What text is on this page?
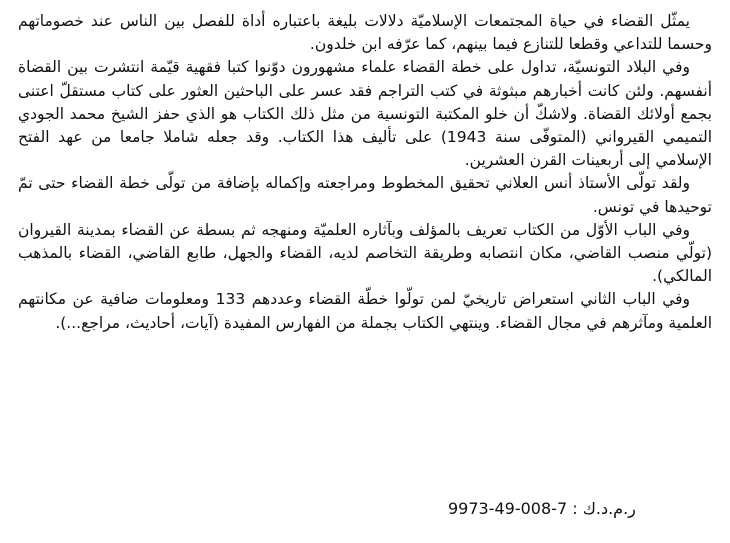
يمثّل القضاء في حياة المجتمعات الإسلاميّة دلالات بليغة باعتباره أداة للفصل بين الناس عند خصوماتهم وحسما للتداعي وقطعا للتنازع فيما بينهم، كما عرّفه ابن خلدون.

وفي البلاد التونسيّة، تداول على خطة القضاء علماء مشهورون دوّنوا كتبا فقهية قيّمة انتشرت بين القضاة أنفسهم. ولئن كانت أخبارهم مبثوثة في كتب التراجم فقد عسر على الباحثين العثور على كتاب مستقلّ اعتنى بجمع أولائك القضاة. ولاشكّ أن خلو المكتبة التونسية من مثل ذلك الكتاب هو الذي حفز الشيخ محمد الجودي التميمي القيرواني (المتوفّى سنة 1943) على تأليف هذا الكتاب. وقد جعله شاملا جامعا من عهد الفتح الإسلامي إلى أربعينات القرن العشرين.

ولقد تولّى الأستاذ أنس العلاني تحقيق المخطوط ومراجعته وإكماله بإضافة من تولّى خطة القضاء حتى تمّ توحيدها في تونس.

وفي الباب الأوّل من الكتاب تعريف بالمؤلف وبآثاره العلميّة ومنهجه ثم بسطة عن القضاء بمدينة القيروان (تولّي منصب القاضي، مكان انتصابه وطريقة التخاصم لديه، القضاء والجهل، طابع القاضي، القضاء بالمذهب المالكي).

وفي الباب الثاني استعراض تاريخيّ لمن تولّوا خطّة القضاء وعددهم 133 ومعلومات ضافية عن مكانتهم العلمية ومآثرهم في مجال القضاء. وينتهي الكتاب بجملة من الفهارس المفيدة (آيات، أحاديث، مراجع...).

ر.م.د.ك : 9973-49-008-7
